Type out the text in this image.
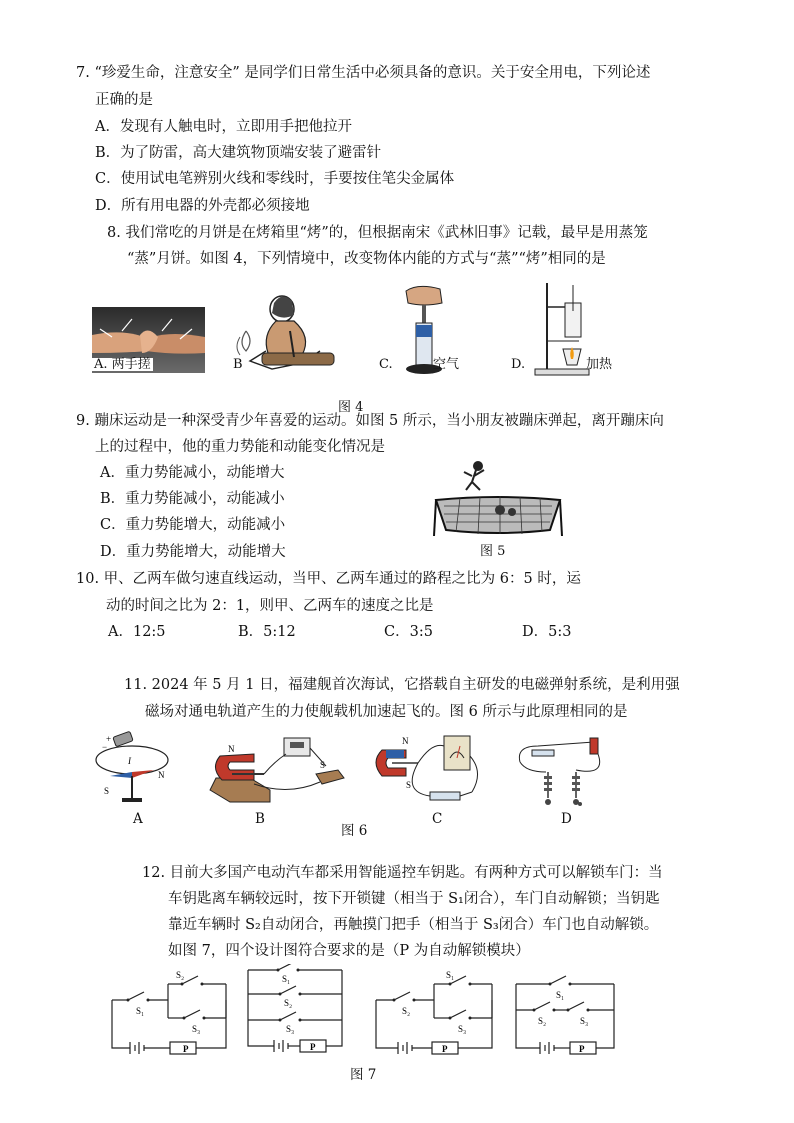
7. “珍爱生命，注意安全” 是同学们日常生活中必须具备的意识。关于安全用电，下列论述
正确的是
A．发现有人触电时，立即用手把他拉开
B．为了防雷，高大建筑物顶端安装了避雷针
C．使用试电笔辨别火线和零线时，手要按住笔尖金属体
D．所有用电器的外壳都必须接地
8. 我们常吃的月饼是在烤箱里“烤”的，但根据南宋《武林旧事》记载，最早是用蒸笼
“蒸”月饼。如图 4，下列情境中，改变物体内能的方式与“蒸”“烤”相同的是
A. 两手搓	B	C.	空气	D.	加热
图 4
9. 蹦床运动是一种深受青少年喜爱的运动。如图 5 所示，当小朋友被蹦床弹起，离开蹦床向
上的过程中，他的重力势能和动能变化情况是
A．重力势能减小，动能增大
B．重力势能减小，动能减小
C．重力势能增大，动能减小
D．重力势能增大，动能增大	图 5
10. 甲、乙两车做匀速直线运动，当甲、乙两车通过的路程之比为 6：5 时，运
动的时间之比为 2：1，则甲、乙两车的速度之比是
A．12:5	B．5:12	C．3:5	D．5:3
11. 2024 年 5 月 1 日，福建舰首次海试，它搭载自主研发的电磁弹射系统，是利用强
磁场对通电轨道产生的力使舰载机加速起飞的。图 6 所示与此原理相同的是
+
−
I
N
S
A
N
S
B
N
S
C	D
图 6
12. 目前大多国产电动汽车都采用智能遥控车钥匙。有两种方式可以解锁车门：当
车钥匙离车辆较远时，按下开锁键（相当于 S₁闭合），车门自动解锁；当钥匙
靠近车辆时 S₂自动闭合，再触摸门把手（相当于 S₃闭合）车门也自动解锁。
如图 7，四个设计图符合要求的是（P 为自动解锁模块）
P
S₁
S₂
S₃
P
S₁
S₂
S₃
P
S₂
S₁
S₃
P
S₁
S₂	S₃
图 7
